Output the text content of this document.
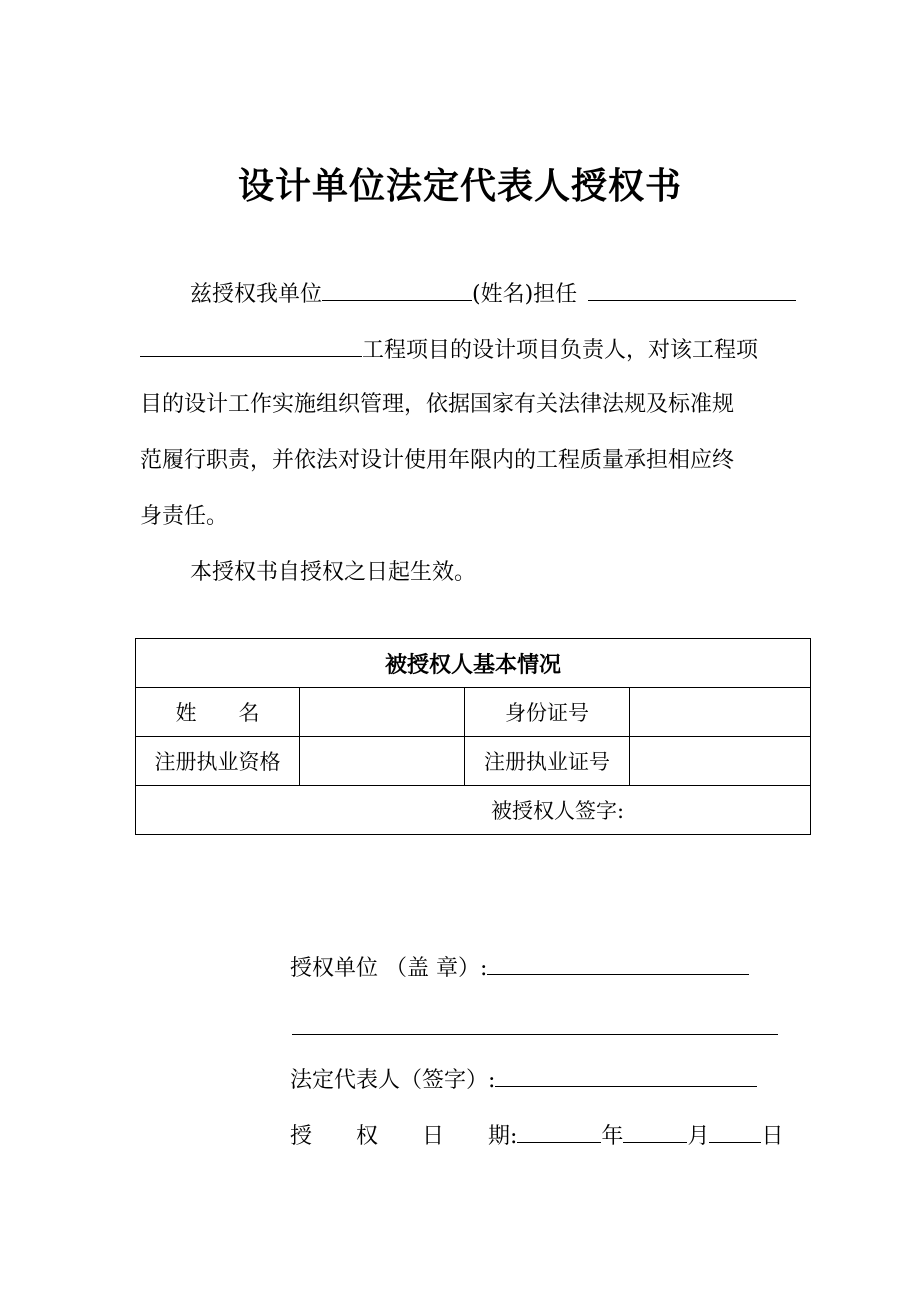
设计单位法定代表人授权书
兹授权我单位	(姓名)担任
工程项目的设计项目负责人，对该工程项
目的设计工作实施组织管理，依据国家有关法律法规及标准规
范履行职责，并依法对设计使用年限内的工程质量承担相应终
身责任。
本授权书自授权之日起生效。
被授权人基本情况			
姓　　名		身份证号	
注册执业资格		注册执业证号	
被授权人签字:			
授权单位 （盖 章）:
法定代表人（签字）:
授　　权　　日　　期:	年	月 日
